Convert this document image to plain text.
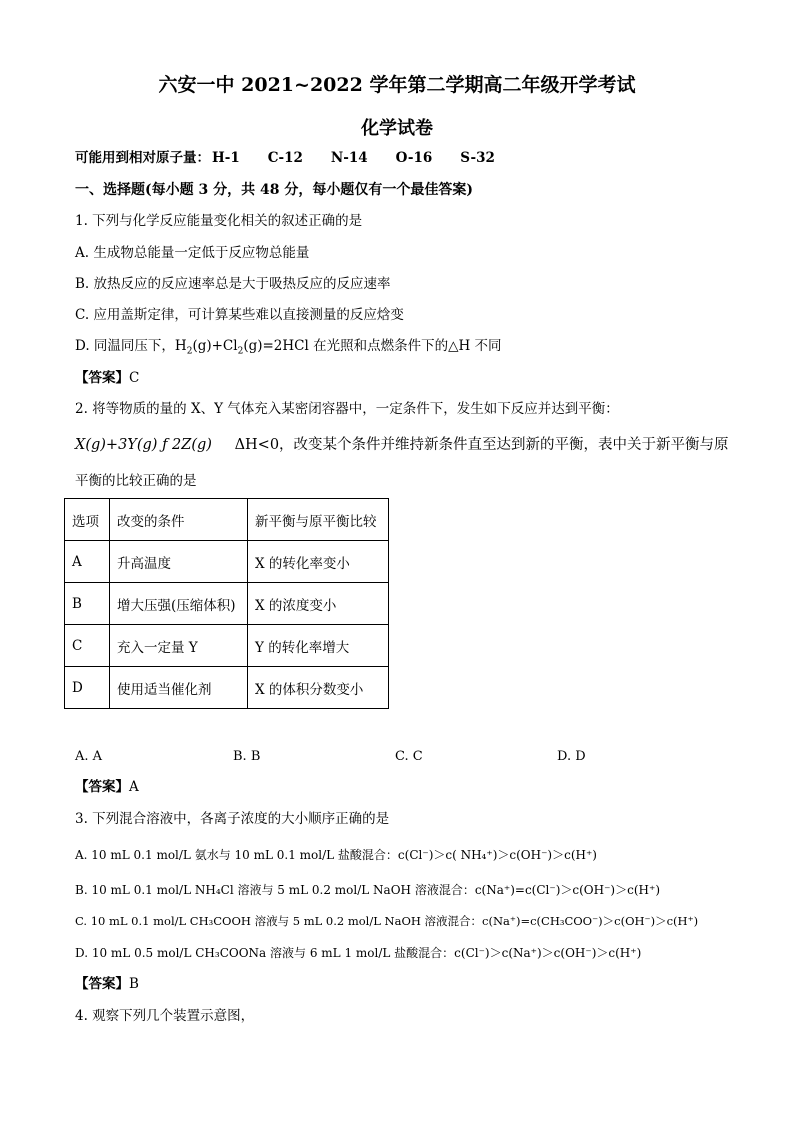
六安一中 2021~2022 学年第二学期高二年级开学考试
化学试卷
可能用到相对原子量： H-1 C-12 N-14 O-16 S-32
一、选择题(每小题 3 分，共 48 分，每小题仅有一个最佳答案)
1. 下列与化学反应能量变化相关的叙述正确的是
A. 生成物总能量一定低于反应物总能量
B. 放热反应的反应速率总是大于吸热反应的反应速率
C. 应用盖斯定律，可计算某些难以直接测量的反应焓变
D. 同温同压下，$H_2(g)+Cl_2(g)=2HCl$ 在光照和点燃条件下的△H 不同
【答案】C
2. 将等物质的量的 X、Y 气体充入某密闭容器中，一定条件下，发生如下反应并达到平衡：
X(g)+3Y(g) ƒ 2Z(g) ΔH<0，改变某个条件并维持新条件直至达到新的平衡，表中关于新平衡与原
平衡的比较正确的是
选项	改变的条件	新平衡与原平衡比较
A	升高温度	X 的转化率变小
B	增大压强(压缩体积)	X 的浓度变小
C	充入一定量 Y	Y 的转化率增大
D	使用适当催化剂	X 的体积分数变小
A. A	B. B	C. C	D. D
【答案】A
3. 下列混合溶液中，各离子浓度的大小顺序正确的是
A. 10 mL 0.1 mol/L 氨水与 10 mL 0.1 mol/L 盐酸混合：c(Cl⁻)＞c( NH₄⁺)＞c(OH⁻)＞c(H⁺)
B. 10 mL 0.1 mol/L NH₄Cl 溶液与 5 mL 0.2 mol/L NaOH 溶液混合：c(Na⁺)=c(Cl⁻)＞c(OH⁻)＞c(H⁺)
C. 10 mL 0.1 mol/L CH₃COOH 溶液与 5 mL 0.2 mol/L NaOH 溶液混合：c(Na⁺)=c(CH₃COO⁻)＞c(OH⁻)＞c(H⁺)
D. 10 mL 0.5 mol/L CH₃COONa 溶液与 6 mL 1 mol/L 盐酸混合：c(Cl⁻)＞c(Na⁺)＞c(OH⁻)＞c(H⁺)
【答案】B
4. 观察下列几个装置示意图，
